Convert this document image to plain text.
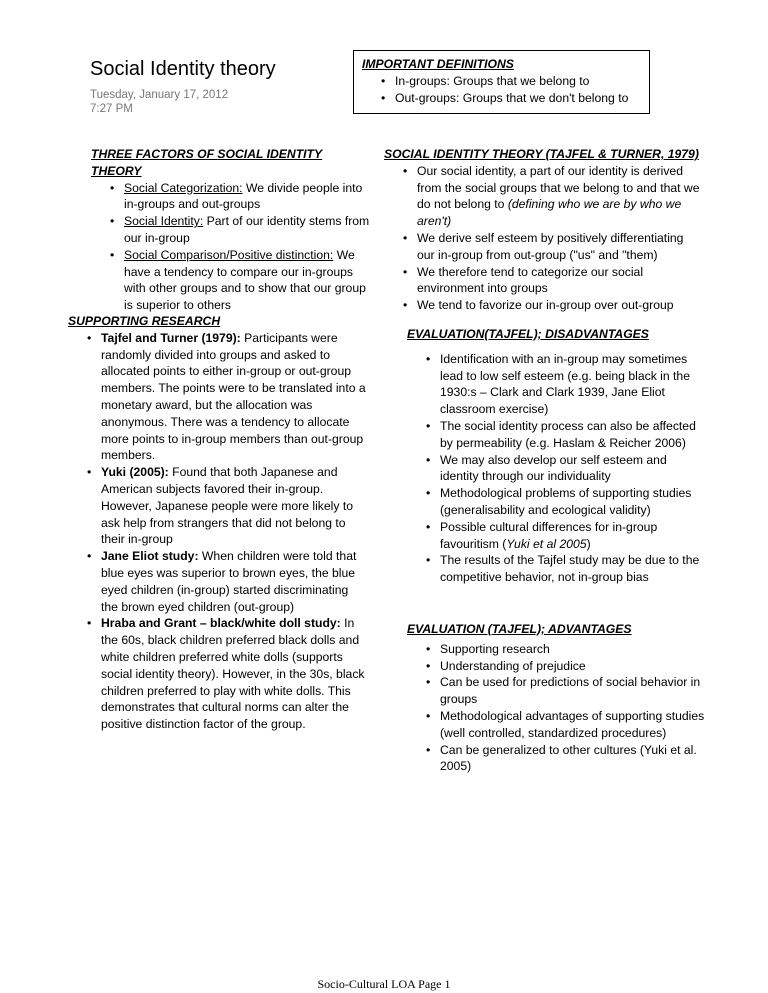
Social Identity theory
Tuesday, January 17, 2012
7:27 PM
IMPORTANT DEFINITIONS
• In-groups: Groups that we belong to
• Out-groups: Groups that we don't belong to
THREE FACTORS OF SOCIAL IDENTITY THEORY
• Social Categorization: We divide people into in-groups and out-groups
• Social Identity: Part of our identity stems from our in-group
• Social Comparison/Positive distinction: We have a tendency to compare our in-groups with other groups and to show that our group is superior to others
SOCIAL IDENTITY THEORY (TAJFEL & TURNER, 1979)
• Our social identity, a part of our identity is derived from the social groups that we belong to and that we do not belong to (defining who we are by who we aren't)
• We derive self esteem by positively differentiating our in-group from out-group ("us" and "them)
• We therefore tend to categorize our social environment into groups
• We tend to favorize our in-group over out-group
SUPPORTING RESEARCH
• Tajfel and Turner (1979): Participants were randomly divided into groups and asked to allocated points to either in-group or out-group members. The points were to be translated into a monetary award, but the allocation was anonymous. There was a tendency to allocate more points to in-group members than out-group members.
• Yuki (2005): Found that both Japanese and American subjects favored their in-group. However, Japanese people were more likely to ask help from strangers that did not belong to their in-group
• Jane Eliot study: When children were told that blue eyes was superior to brown eyes, the blue eyed children (in-group) started discriminating the brown eyed children (out-group)
• Hraba and Grant – black/white doll study: In the 60s, black children preferred black dolls and white children preferred white dolls (supports social identity theory). However, in the 30s, black children preferred to play with white dolls. This demonstrates that cultural norms can alter the positive distinction factor of the group.
EVALUATION(TAJFEL); DISADVANTAGES
• Identification with an in-group may sometimes lead to low self esteem (e.g. being black in the 1930:s – Clark and Clark 1939, Jane Eliot classroom exercise)
• The social identity process can also be affected by permeability (e.g. Haslam & Reicher 2006)
• We may also develop our self esteem and identity through our individuality
• Methodological problems of supporting studies (generalisability and ecological validity)
• Possible cultural differences for in-group favouritism (Yuki et al 2005)
• The results of the Tajfel study may be due to the competitive behavior, not in-group bias
EVALUATION (TAJFEL); ADVANTAGES
• Supporting research
• Understanding of prejudice
• Can be used for predictions of social behavior in groups
• Methodological advantages of supporting studies (well controlled, standardized procedures)
• Can be generalized to other cultures (Yuki et al. 2005)
Socio-Cultural LOA Page 1
